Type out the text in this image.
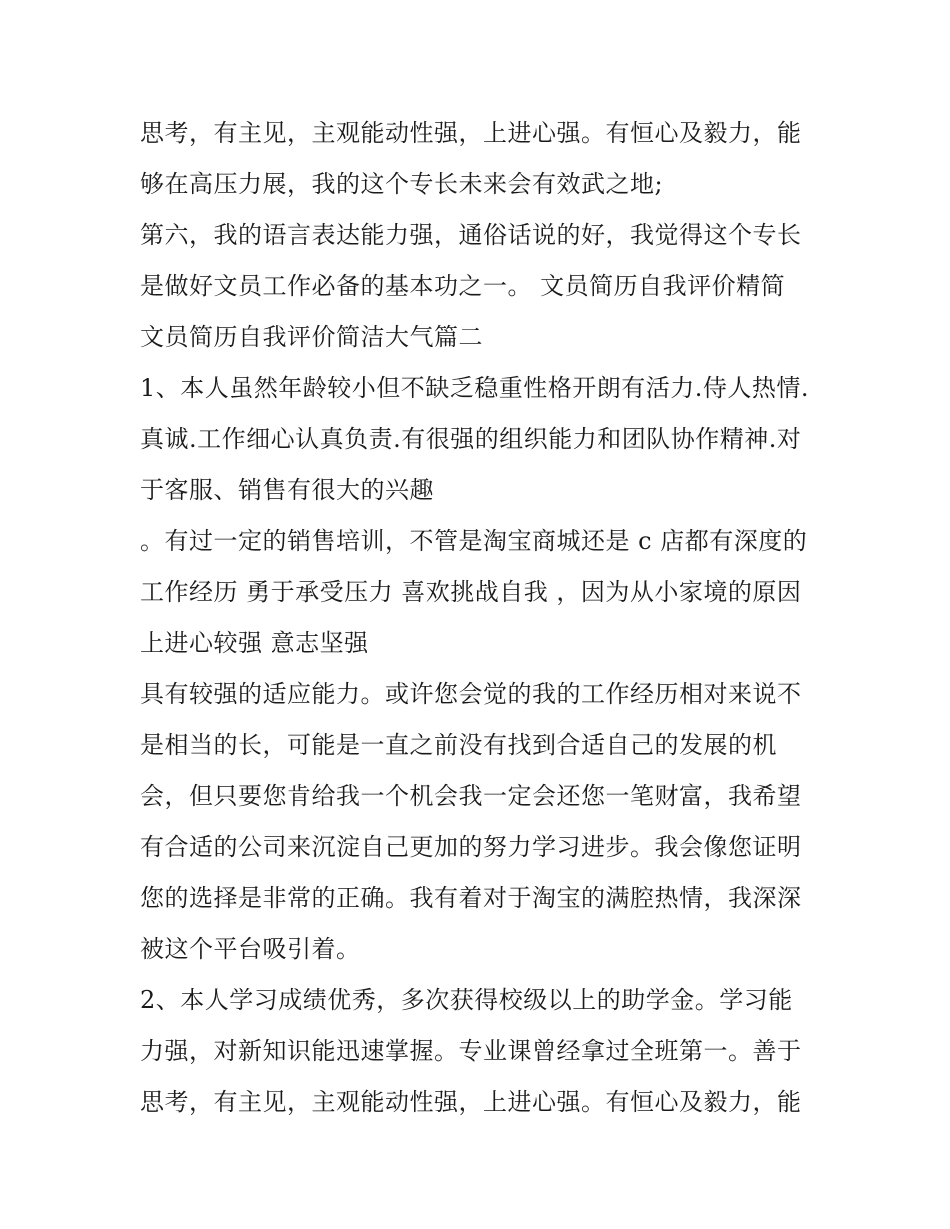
思考，有主见，主观能动性强，上进心强。有恒心及毅力，能
够在高压力展，我的这个专长未来会有效武之地;
第六，我的语言表达能力强，通俗话说的好，我觉得这个专长
是做好文员工作必备的基本功之一。 文员简历自我评价精简
文员简历自我评价简洁大气篇二
1、本人虽然年龄较小但不缺乏稳重性格开朗有活力.侍人热情.
真诚.工作细心认真负责.有很强的组织能力和团队协作精神.对
于客服、销售有很大的兴趣
。有过一定的销售培训，不管是淘宝商城还是 c 店都有深度的
工作经历 勇于承受压力 喜欢挑战自我 ，因为从小家境的原因
上进心较强 意志坚强
具有较强的适应能力。或许您会觉的我的工作经历相对来说不
是相当的长，可能是一直之前没有找到合适自己的发展的机
会，但只要您肯给我一个机会我一定会还您一笔财富，我希望
有合适的公司来沉淀自己更加的努力学习进步。我会像您证明
您的选择是非常的正确。我有着对于淘宝的满腔热情，我深深
被这个平台吸引着。
2、本人学习成绩优秀，多次获得校级以上的助学金。学习能
力强，对新知识能迅速掌握。专业课曾经拿过全班第一。善于
思考，有主见，主观能动性强，上进心强。有恒心及毅力，能
